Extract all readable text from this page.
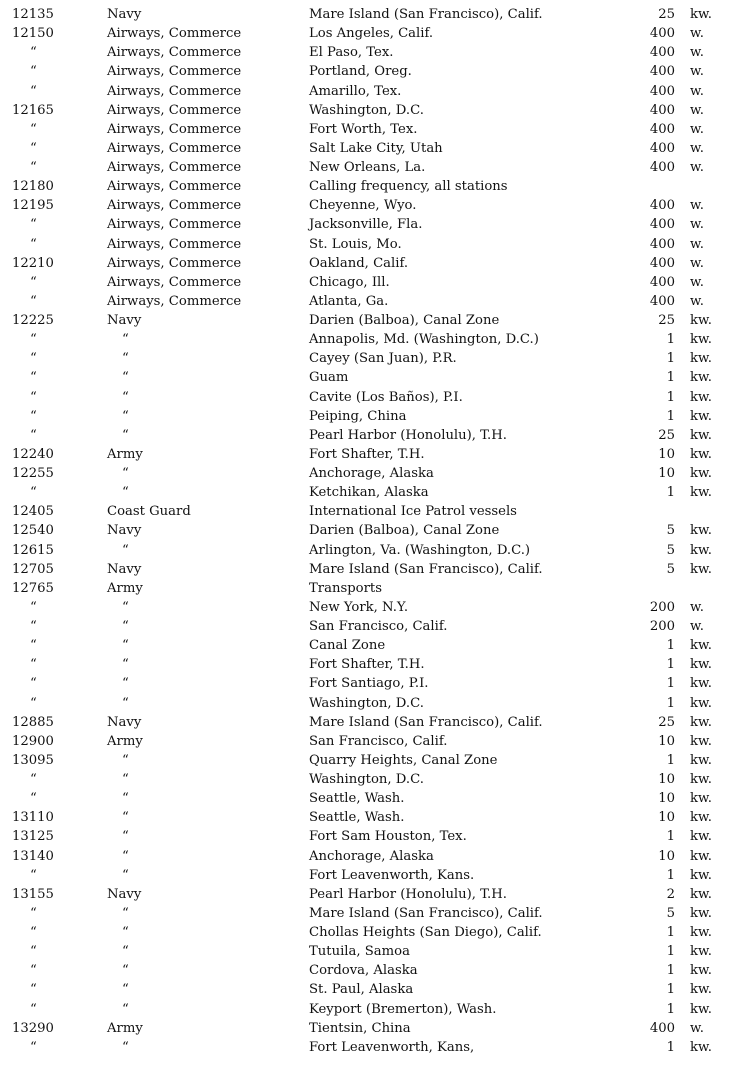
12135	Navy	Mare Island (San Francisco), Calif.	25 kw.
12150	Airways, Commerce	Los Angeles, Calif.	400 w.
“	Airways, Commerce	El Paso, Tex.	400 w.
“	Airways, Commerce	Portland, Oreg.	400 w.
“	Airways, Commerce	Amarillo, Tex.	400 w.
12165	Airways, Commerce	Washington, D.C.	400 w.
“	Airways, Commerce	Fort Worth, Tex.	400 w.
“	Airways, Commerce	Salt Lake City, Utah	400 w.
“	Airways, Commerce	New Orleans, La.	400 w.
12180	Airways, Commerce	Calling frequency, all stations
12195	Airways, Commerce	Cheyenne, Wyo.	400 w.
“	Airways, Commerce	Jacksonville, Fla.	400 w.
“	Airways, Commerce	St. Louis, Mo.	400 w.
12210	Airways, Commerce	Oakland, Calif.	400 w.
“	Airways, Commerce	Chicago, Ill.	400 w.
“	Airways, Commerce	Atlanta, Ga.	400 w.
12225	Navy	Darien (Balboa), Canal Zone	25 kw.
“	“	Annapolis, Md. (Washington, D.C.)	1 kw.
“	“	Cayey (San Juan), P.R.	1 kw.
“	“	Guam	1 kw.
“	“	Cavite (Los Baños), P.I.	1 kw.
“	“	Peiping, China	1 kw.
“	“	Pearl Harbor (Honolulu), T.H.	25 kw.
12240	Army	Fort Shafter, T.H.	10 kw.
12255	“	Anchorage, Alaska	10 kw.
“	“	Ketchikan, Alaska	1 kw.
12405	Coast Guard	International Ice Patrol vessels
12540	Navy	Darien (Balboa), Canal Zone	5 kw.
12615	“	Arlington, Va. (Washington, D.C.)	5 kw.
12705	Navy	Mare Island (San Francisco), Calif.	5 kw.
12765	Army	Transports
“	“	New York, N.Y.	200 w.
“	“	San Francisco, Calif.	200 w.
“	“	Canal Zone	1 kw.
“	“	Fort Shafter, T.H.	1 kw.
“	“	Fort Santiago, P.I.	1 kw.
“	“	Washington, D.C.	1 kw.
12885	Navy	Mare Island (San Francisco), Calif.	25 kw.
12900	Army	San Francisco, Calif.	10 kw.
13095	“	Quarry Heights, Canal Zone	1 kw.
“	“	Washington, D.C.	10 kw.
“	“	Seattle, Wash.	10 kw.
13110	“	Seattle, Wash.	10 kw.
13125	“	Fort Sam Houston, Tex.	1 kw.
13140	“	Anchorage, Alaska	10 kw.
“	“	Fort Leavenworth, Kans.	1 kw.
13155	Navy	Pearl Harbor (Honolulu), T.H.	2 kw.
“	“	Mare Island (San Francisco), Calif.	5 kw.
“	“	Chollas Heights (San Diego), Calif.	1 kw.
“	“	Tutuila, Samoa	1 kw.
“	“	Cordova, Alaska	1 kw.
“	“	St. Paul, Alaska	1 kw.
“	“	Keyport (Bremerton), Wash.	1 kw.
13290	Army	Tientsin, China	400 w.
“	“	Fort Leavenworth, Kans,	1 kw.
